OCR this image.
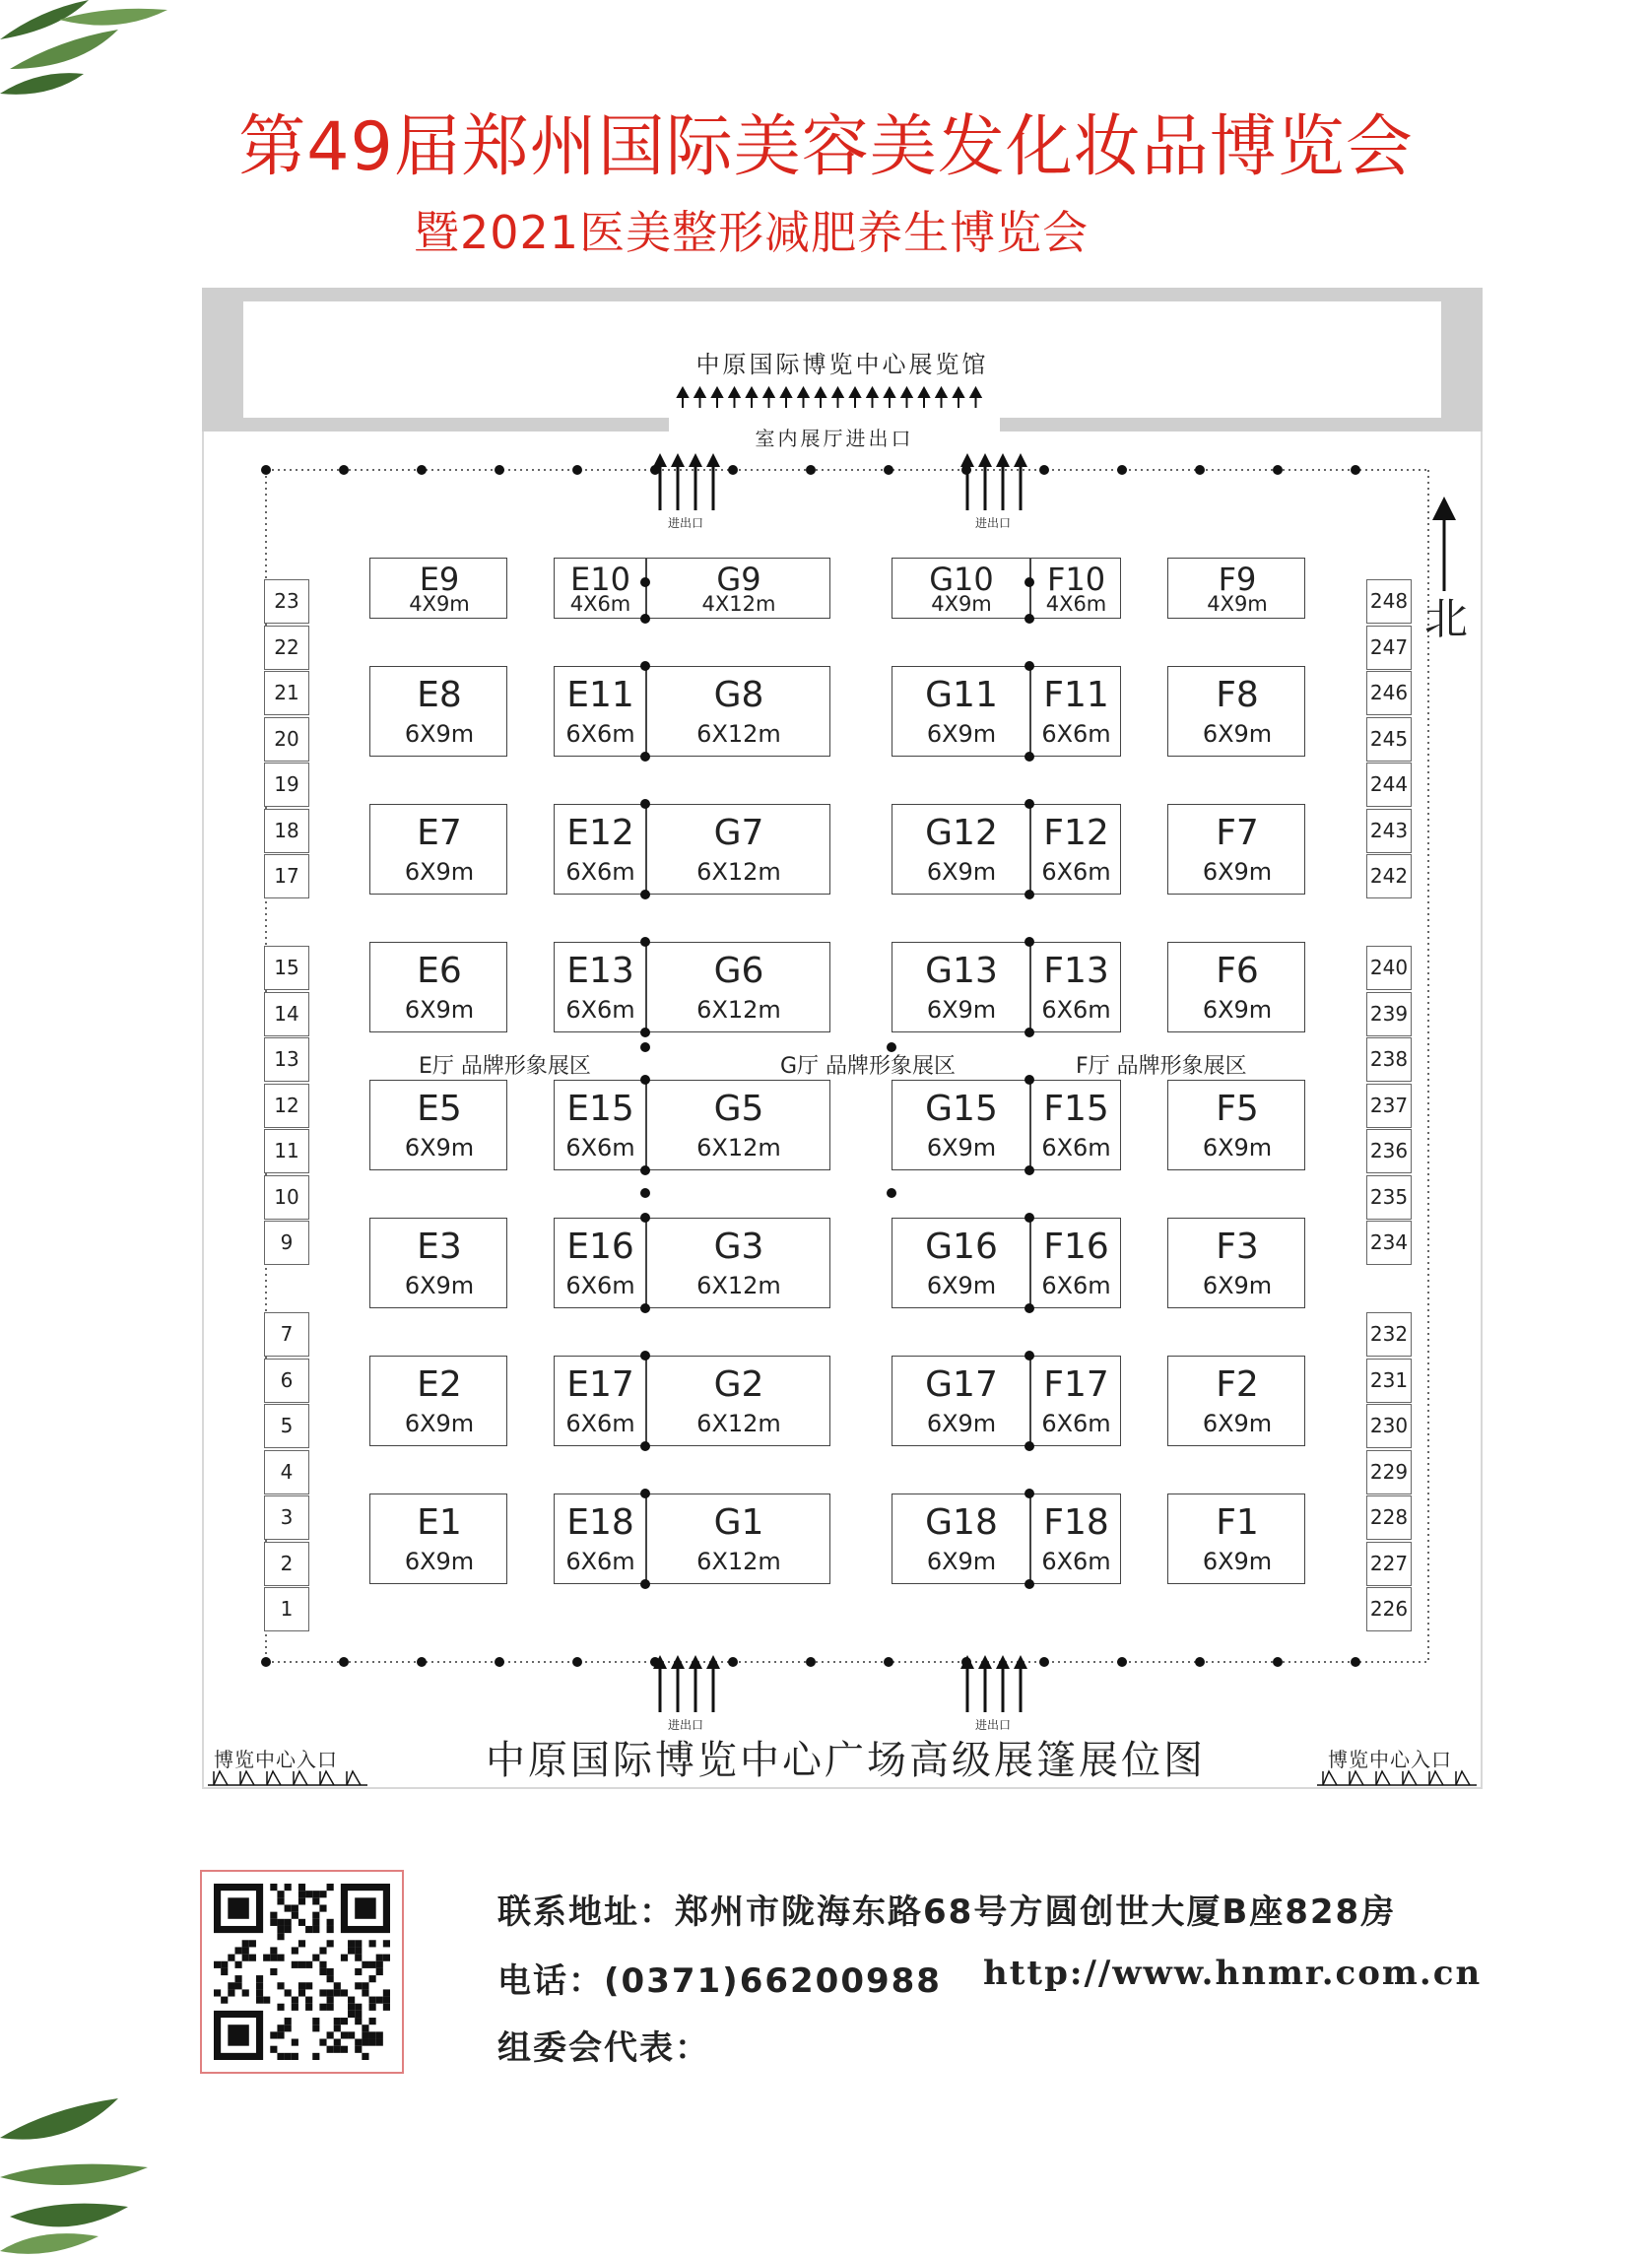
第49届郑州国际美容美发化妆品博览会
暨2021医美整形减肥养生博览会
中原国际博览中心展览馆
室内展厅进出口
北
进出口	进出口
进出口	进出口
E9
4X9m
E10
4X6m
G9
4X12m
G10
4X9m
F10
4X6m
F9
4X9m
E8
6X9m
E11
6X6m
G8
6X12m
G11
6X9m
F11
6X6m
F8
6X9m
E7
6X9m
E12
6X6m
G7
6X12m
G12
6X9m
F12
6X6m
F7
6X9m
E6
6X9m
E13
6X6m
G6
6X12m
G13
6X9m
F13
6X6m
F6
6X9m
E5
6X9m
E15
6X6m
G5
6X12m
G15
6X9m
F15
6X6m
F5
6X9m
E3
6X9m
E16
6X6m
G3
6X12m
G16
6X9m
F16
6X6m
F3
6X9m
E2
6X9m
E17
6X6m
G2
6X12m
G17
6X9m
F17
6X6m
F2
6X9m
E1
6X9m
E18
6X6m
G1
6X12m
G18
6X9m
F18
6X6m
F1
6X9m
23
22
21
20
19
18
17
15
14
13
12
11
10
9
7
6
5
4
3
2
1
248
247
246
245
244
243
242
240
239
238
237
236
235
234
232
231
230
229
228
227
226
E厅 品牌形象展区	G厅 品牌形象展区	F厅 品牌形象展区
中原国际博览中心广场高级展篷展位图
博览中心入口	博览中心入口
联系地址：郑州市陇海东路68号方圆创世大厦B座828房
电话：(0371)66200988 http://www.hnmr.com.cn
组委会代表：
